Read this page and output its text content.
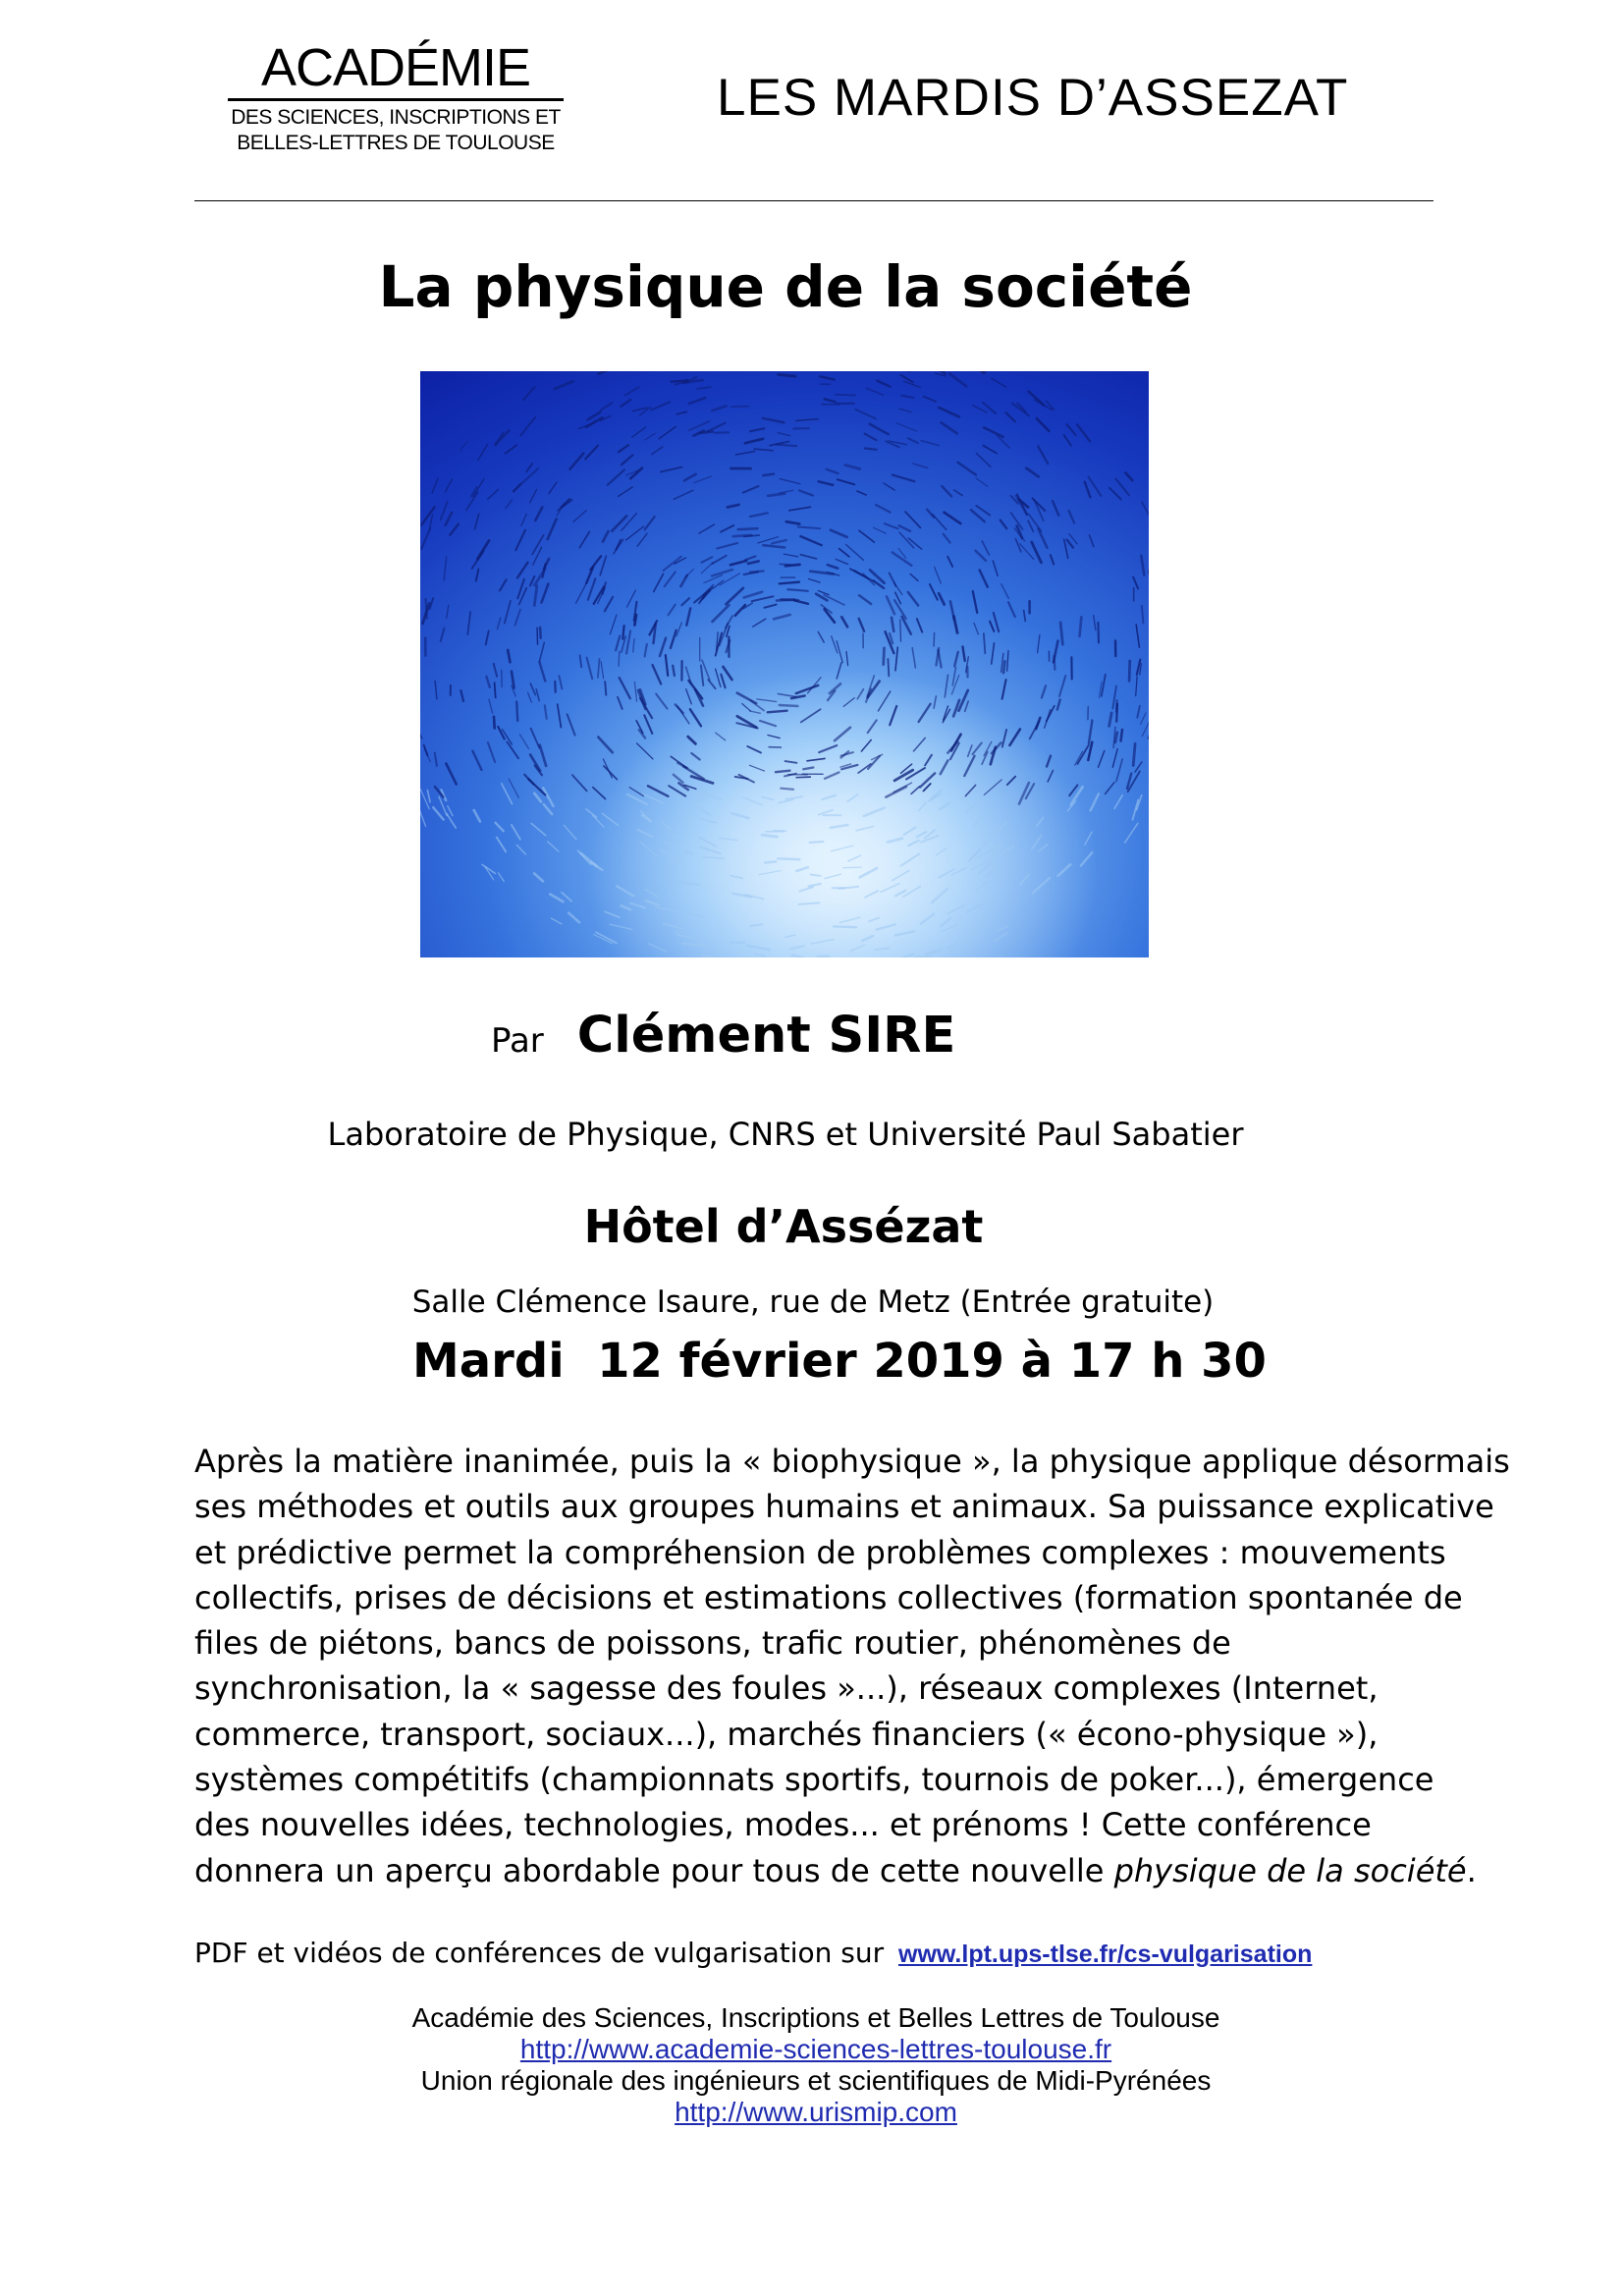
ACADÉMIE
DES SCIENCES, INSCRIPTIONS ET
BELLES-LETTRES DE TOULOUSE
LES MARDIS D’ASSEZAT
La physique de la société
Par Clément SIRE
Laboratoire de Physique, CNRS et Université Paul Sabatier
Hôtel d’Assézat
Salle Clémence Isaure, rue de Metz (Entrée gratuite)
Mardi  12 février 2019 à 17 h 30
Après la matière inanimée, puis la « biophysique », la physique applique désormais
ses méthodes et outils aux groupes humains et animaux. Sa puissance explicative
et prédictive permet la compréhension de problèmes complexes : mouvements
collectifs, prises de décisions et estimations collectives (formation spontanée de
files de piétons, bancs de poissons, trafic routier, phénomènes de
synchronisation, la « sagesse des foules »...), réseaux complexes (Internet,
commerce, transport, sociaux...), marchés financiers (« écono-physique »),
systèmes compétitifs (championnats sportifs, tournois de poker...), émergence
des nouvelles idées, technologies, modes... et prénoms ! Cette conférence
donnera un aperçu abordable pour tous de cette nouvelle physique de la société.
PDF et vidéos de conférences de vulgarisation sur www.lpt.ups-tlse.fr/cs-vulgarisation
Académie des Sciences, Inscriptions et Belles Lettres de Toulouse
http://www.academie-sciences-lettres-toulouse.fr
Union régionale des ingénieurs et scientifiques de Midi-Pyrénées
http://www.urismip.com
